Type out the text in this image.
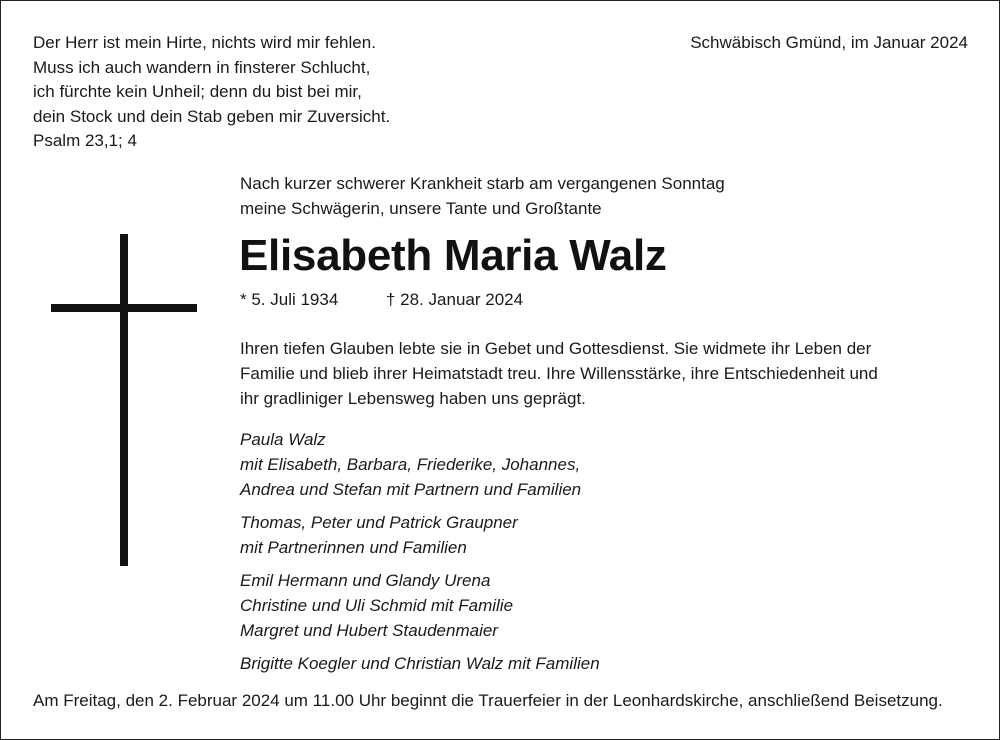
Der Herr ist mein Hirte, nichts wird mir fehlen.
Muss ich auch wandern in finsterer Schlucht,
ich fürchte kein Unheil; denn du bist bei mir,
dein Stock und dein Stab geben mir Zuversicht.
Psalm 23,1; 4
Schwäbisch Gmünd, im Januar 2024
Nach kurzer schwerer Krankheit starb am vergangenen Sonntag
meine Schwägerin, unsere Tante und Großtante
Elisabeth Maria Walz
* 5. Juli 1934	† 28. Januar 2024
Ihren tiefen Glauben lebte sie in Gebet und Gottesdienst. Sie widmete ihr Leben der
Familie und blieb ihrer Heimatstadt treu. Ihre Willensstärke, ihre Entschiedenheit und
ihr gradliniger Lebensweg haben uns geprägt.
Paula Walz
mit Elisabeth, Barbara, Friederike, Johannes,
Andrea und Stefan mit Partnern und Familien
Thomas, Peter und Patrick Graupner
mit Partnerinnen und Familien
Emil Hermann und Glandy Urena
Christine und Uli Schmid mit Familie
Margret und Hubert Staudenmaier
Brigitte Koegler und Christian Walz mit Familien
Am Freitag, den 2. Februar 2024 um 11.00 Uhr beginnt die Trauerfeier in der Leonhardskirche, anschließend Beisetzung.
